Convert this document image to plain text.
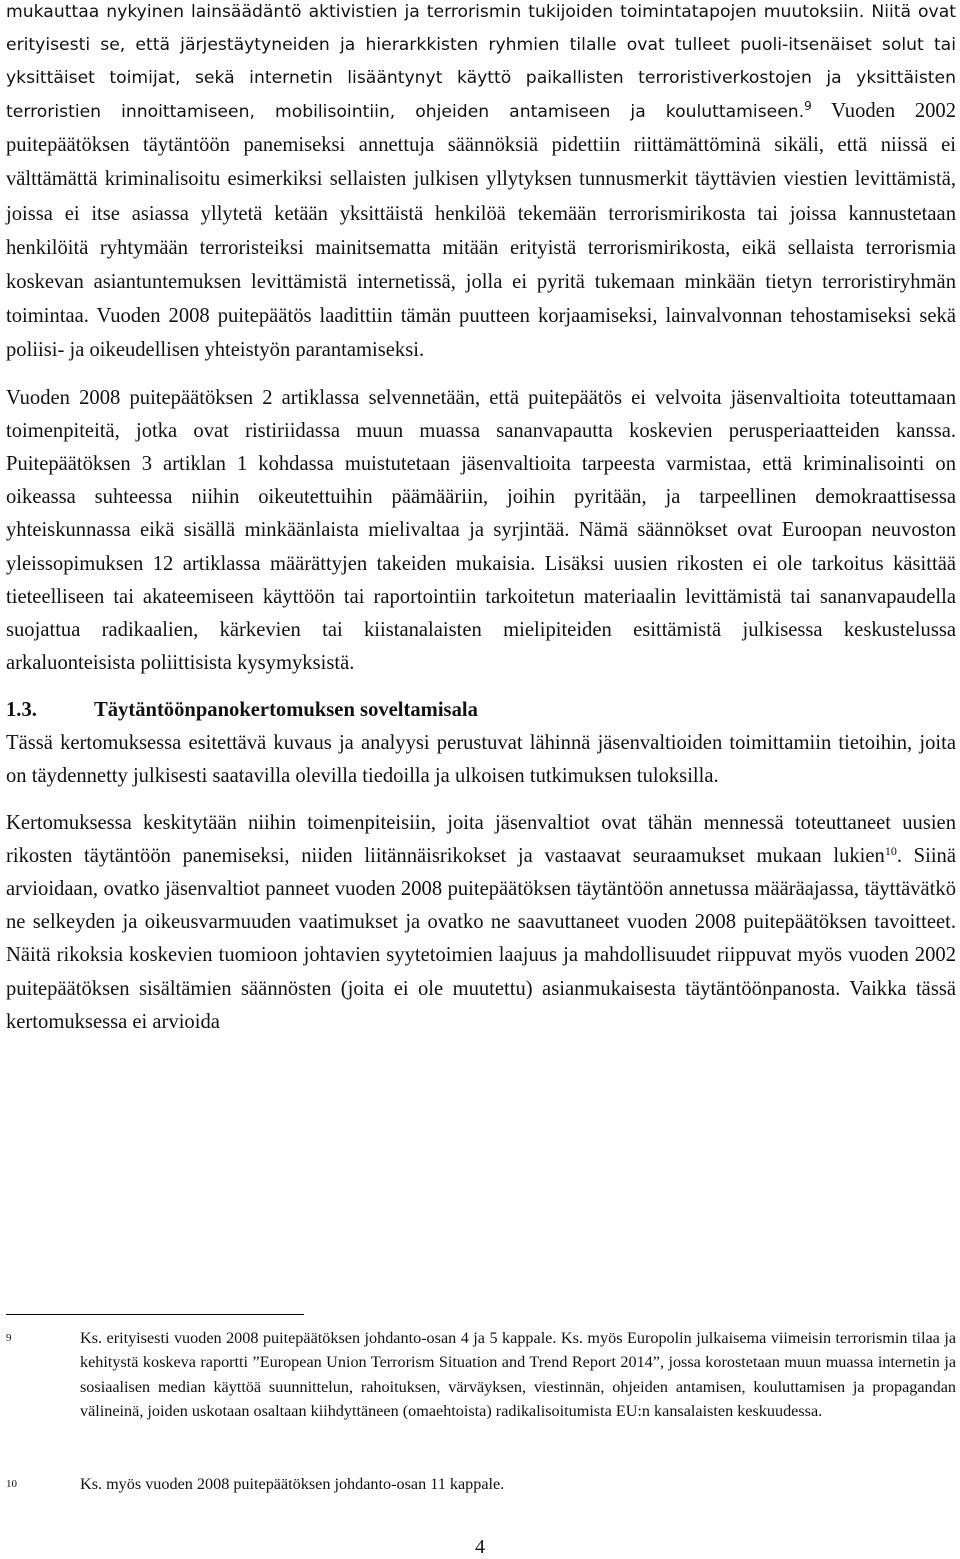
mukauttaa nykyinen lainsäädäntö aktivistien ja terrorismin tukijoiden toimintatapojen muutoksiin. Niitä ovat erityisesti se, että järjestäytyneiden ja hierarkkisten ryhmien tilalle ovat tulleet puoli-itsenäiset solut tai yksittäiset toimijat, sekä internetin lisääntynyt käyttö paikallisten terroristiverkostojen ja yksittäisten terroristien innoittamiseen, mobilisointiin, ohjeiden antamiseen ja kouluttamiseen.$^9$ Vuoden 2002 puitepäätöksen täytäntöön panemiseksi annettuja säännöksiä pidettiin riittämättöminä sikäli, että niissä ei välttämättä kriminalisoitu esimerkiksi sellaisten julkisen yllytyksen tunnusmerkit täyttävien viestien levittämistä, joissa ei itse asiassa yllytetä ketään yksittäistä henkilöä tekemään terrorismirikosta tai joissa kannustetaan henkilöitä ryhtymään terroristeiksi mainitsematta mitään erityistä terrorismirikosta, eikä sellaista terrorismia koskevan asiantuntemuksen levittämistä internetissä, jolla ei pyritä tukemaan minkään tietyn terroristiryhmän toimintaa. Vuoden 2008 puitepäätös laadittiin tämän puutteen korjaamiseksi, lainvalvonnan tehostamiseksi sekä poliisi- ja oikeudellisen yhteistyön parantamiseksi.

Vuoden 2008 puitepäätöksen 2 artiklassa selvennetään, että puitepäätös ei velvoita jäsenvaltioita toteuttamaan toimenpiteitä, jotka ovat ristiriidassa muun muassa sananvapautta koskevien perusperiaatteiden kanssa. Puitepäätöksen 3 artiklan 1 kohdassa muistutetaan jäsenvaltioita tarpeesta varmistaa, että kriminalisointi on oikeassa suhteessa niihin oikeutettuihin päämääriin, joihin pyritään, ja tarpeellinen demokraattisessa yhteiskunnassa eikä sisällä minkäänlaista mielivaltaa ja syrjintää. Nämä säännökset ovat Euroopan neuvoston yleissopimuksen 12 artiklassa määrättyjen takeiden mukaisia. Lisäksi uusien rikosten ei ole tarkoitus käsittää tieteelliseen tai akateemiseen käyttöön tai raportointiin tarkoitetun materiaalin levittämistä tai sananvapaudella suojattua radikaalien, kärkevien tai kiistanalaisten mielipiteiden esittämistä julkisessa keskustelussa arkaluonteisista poliittisista kysymyksistä.

1.3.	Täytäntöönpanokertomuksen soveltamisala

Tässä kertomuksessa esitettävä kuvaus ja analyysi perustuvat lähinnä jäsenvaltioiden toimittamiin tietoihin, joita on täydennetty julkisesti saatavilla olevilla tiedoilla ja ulkoisen tutkimuksen tuloksilla.

Kertomuksessa keskitytään niihin toimenpiteisiin, joita jäsenvaltiot ovat tähän mennessä toteuttaneet uusien rikosten täytäntöön panemiseksi, niiden liitännäisrikokset ja vastaavat seuraamukset mukaan lukien$^{10}$. Siinä arvioidaan, ovatko jäsenvaltiot panneet vuoden 2008 puitepäätöksen täytäntöön annetussa määräajassa, täyttävätkö ne selkeyden ja oikeusvarmuuden vaatimukset ja ovatko ne saavuttaneet vuoden 2008 puitepäätöksen tavoitteet. Näitä rikoksia koskevien tuomioon johtavien syytetoimien laajuus ja mahdollisuudet riippuvat myös vuoden 2002 puitepäätöksen sisältämien säännösten (joita ei ole muutettu) asianmukaisesta täytäntöönpanosta. Vaikka tässä kertomuksessa ei arvioida

9	Ks. erityisesti vuoden 2008 puitepäätöksen johdanto-osan 4 ja 5 kappale. Ks. myös Europolin julkaisema viimeisin terrorismin tilaa ja kehitystä koskeva raportti ”European Union Terrorism Situation and Trend Report 2014”, jossa korostetaan muun muassa internetin ja sosiaalisen median käyttöä suunnittelun, rahoituksen, värväyksen, viestinnän, ohjeiden antamisen, kouluttamisen ja propagandan välineinä, joiden uskotaan osaltaan kiihdyttäneen (omaehtoista) radikalisoitumista EU:n kansalaisten keskuudessa.
10	Ks. myös vuoden 2008 puitepäätöksen johdanto-osan 11 kappale.
4
